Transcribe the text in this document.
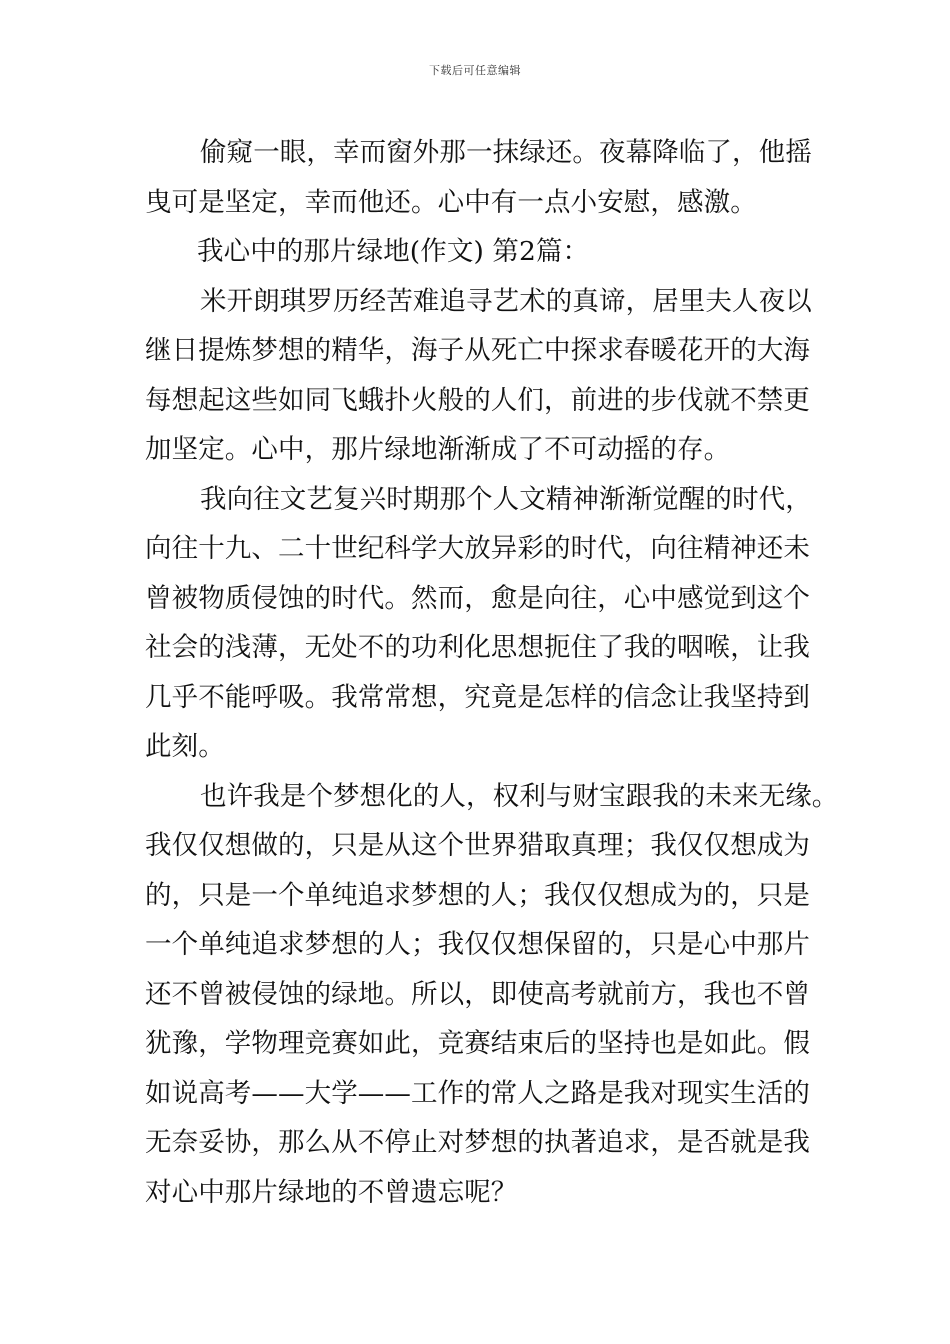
下载后可任意编辑
偷窥一眼，幸而窗外那一抹绿还。夜幕降临了，他摇
曳可是坚定，幸而他还。心中有一点小安慰，感激。
我心中的那片绿地(作文) 第2篇：
米开朗琪罗历经苦难追寻艺术的真谛，居里夫人夜以
继日提炼梦想的精华，海子从死亡中探求春暖花开的大海
每想起这些如同飞蛾扑火般的人们，前进的步伐就不禁更
加坚定。心中，那片绿地渐渐成了不可动摇的存。
我向往文艺复兴时期那个人文精神渐渐觉醒的时代，
向往十九、二十世纪科学大放异彩的时代，向往精神还未
曾被物质侵蚀的时代。然而，愈是向往，心中感觉到这个
社会的浅薄，无处不的功利化思想扼住了我的咽喉，让我
几乎不能呼吸。我常常想，究竟是怎样的信念让我坚持到
此刻。
也许我是个梦想化的人，权利与财宝跟我的未来无缘。
我仅仅想做的，只是从这个世界猎取真理；我仅仅想成为
的，只是一个单纯追求梦想的人；我仅仅想成为的，只是
一个单纯追求梦想的人；我仅仅想保留的，只是心中那片
还不曾被侵蚀的绿地。所以，即使高考就前方，我也不曾
犹豫，学物理竞赛如此，竞赛结束后的坚持也是如此。假
如说高考——大学——工作的常人之路是我对现实生活的
无奈妥协，那么从不停止对梦想的执著追求，是否就是我
对心中那片绿地的不曾遗忘呢？
